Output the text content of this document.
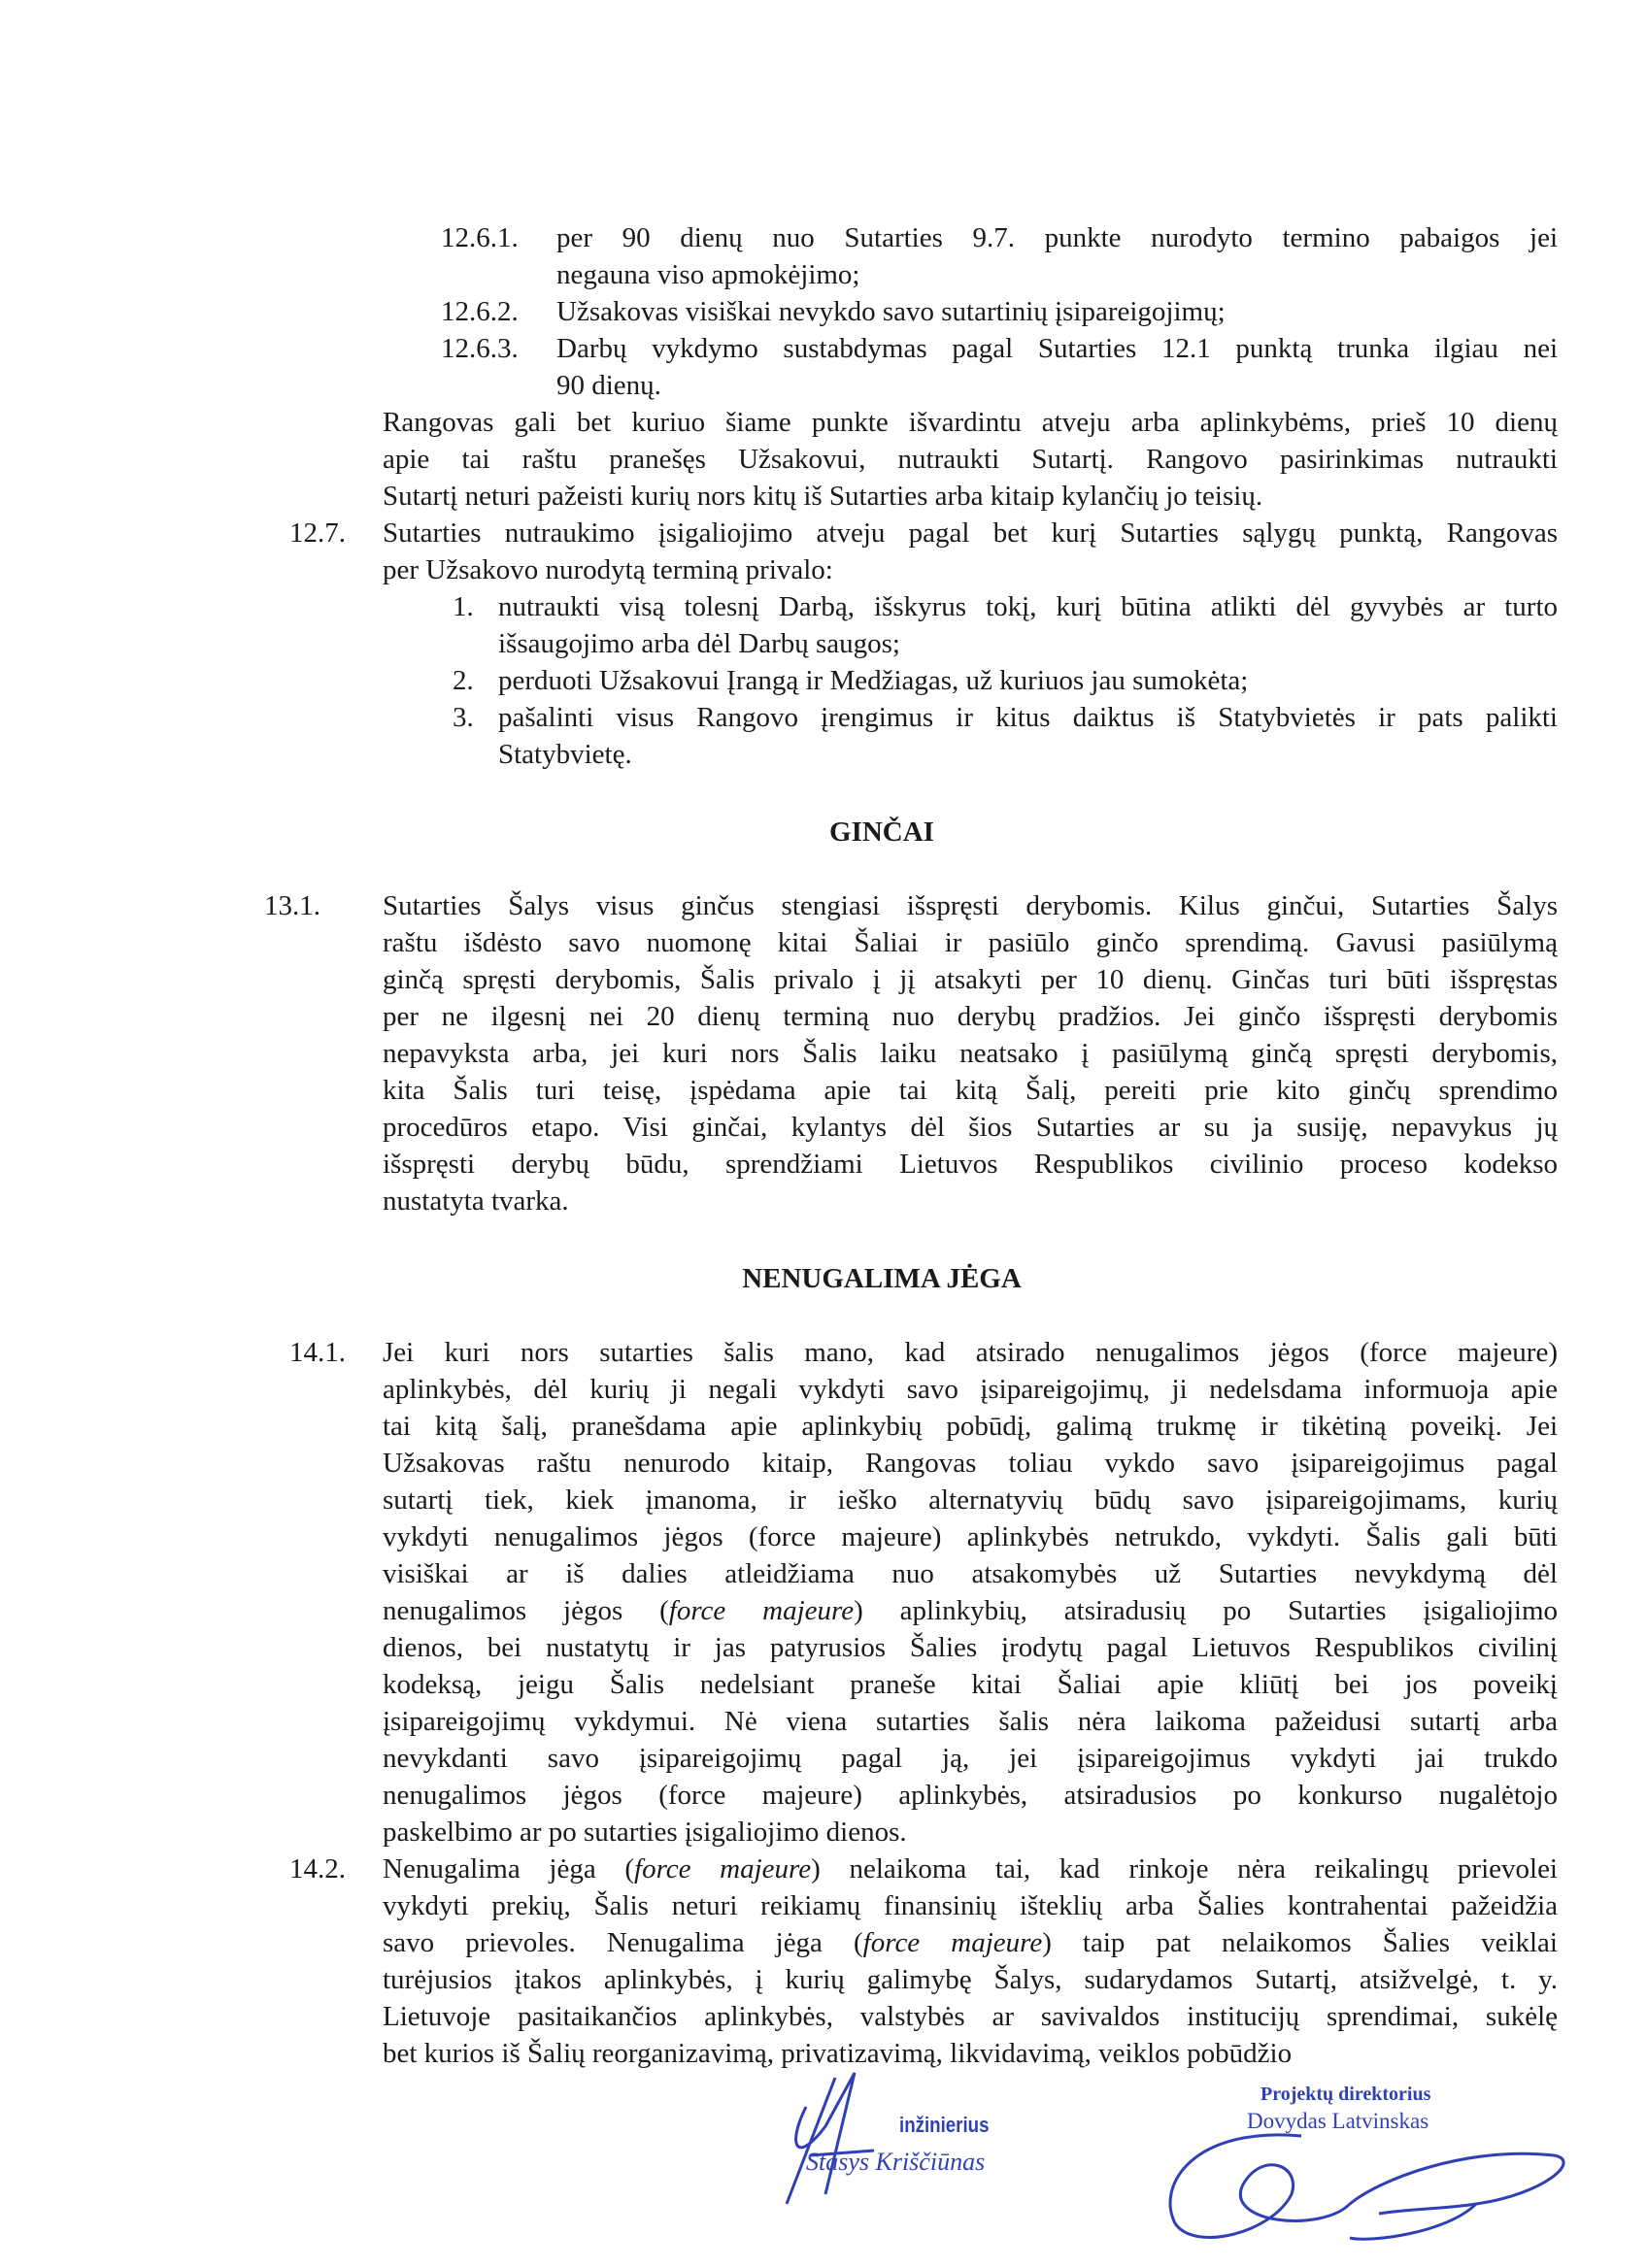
12.6.1. per 90 dienų nuo Sutarties 9.7. punkte nurodyto termino pabaigos jei
negauna viso apmokėjimo;
12.6.2. Užsakovas visiškai nevykdo savo sutartinių įsipareigojimų;
12.6.3. Darbų vykdymo sustabdymas pagal Sutarties 12.1 punktą trunka ilgiau nei
90 dienų.
Rangovas gali bet kuriuo šiame punkte išvardintu atveju arba aplinkybėms, prieš 10 dienų
apie tai raštu pranešęs Užsakovui, nutraukti Sutartį. Rangovo pasirinkimas nutraukti
Sutartį neturi pažeisti kurių nors kitų iš Sutarties arba kitaip kylančių jo teisių.
12.7. Sutarties nutraukimo įsigaliojimo atveju pagal bet kurį Sutarties sąlygų punktą, Rangovas
per Užsakovo nurodytą terminą privalo:
1. nutraukti visą tolesnį Darbą, išskyrus tokį, kurį būtina atlikti dėl gyvybės ar turto
išsaugojimo arba dėl Darbų saugos;
2. perduoti Užsakovui Įrangą ir Medžiagas, už kuriuos jau sumokėta;
3. pašalinti visus Rangovo įrengimus ir kitus daiktus iš Statybvietės ir pats palikti
Statybvietę.
GINČAI
13.1. Sutarties Šalys visus ginčus stengiasi išspręsti derybomis. Kilus ginčui, Sutarties Šalys
raštu išdėsto savo nuomonę kitai Šaliai ir pasiūlo ginčo sprendimą. Gavusi pasiūlymą
ginčą spręsti derybomis, Šalis privalo į jį atsakyti per 10 dienų. Ginčas turi būti išspręstas
per ne ilgesnį nei 20 dienų terminą nuo derybų pradžios. Jei ginčo išspręsti derybomis
nepavyksta arba, jei kuri nors Šalis laiku neatsako į pasiūlymą ginčą spręsti derybomis,
kita Šalis turi teisę, įspėdama apie tai kitą Šalį, pereiti prie kito ginčų sprendimo
procedūros etapo. Visi ginčai, kylantys dėl šios Sutarties ar su ja susiję, nepavykus jų
išspręsti derybų būdu, sprendžiami Lietuvos Respublikos civilinio proceso kodekso
nustatyta tvarka.
NENUGALIMA JĖGA
14.1. Jei kuri nors sutarties šalis mano, kad atsirado nenugalimos jėgos (force majeure)
aplinkybės, dėl kurių ji negali vykdyti savo įsipareigojimų, ji nedelsdama informuoja apie
tai kitą šalį, pranešdama apie aplinkybių pobūdį, galimą trukmę ir tikėtiną poveikį. Jei
Užsakovas raštu nenurodo kitaip, Rangovas toliau vykdo savo įsipareigojimus pagal
sutartį tiek, kiek įmanoma, ir ieško alternatyvių būdų savo įsipareigojimams, kurių
vykdyti nenugalimos jėgos (force majeure) aplinkybės netrukdo, vykdyti. Šalis gali būti
visiškai ar iš dalies atleidžiama nuo atsakomybės už Sutarties nevykdymą dėl
nenugalimos jėgos (force majeure) aplinkybių, atsiradusių po Sutarties įsigaliojimo
dienos, bei nustatytų ir jas patyrusios Šalies įrodytų pagal Lietuvos Respublikos civilinį
kodeksą, jeigu Šalis nedelsiant praneše kitai Šaliai apie kliūtį bei jos poveikį
įsipareigojimų vykdymui. Nė viena sutarties šalis nėra laikoma pažeidusi sutartį arba
nevykdanti savo įsipareigojimų pagal ją, jei įsipareigojimus vykdyti jai trukdo
nenugalimos jėgos (force majeure) aplinkybės, atsiradusios po konkurso nugalėtojo
paskelbimo ar po sutarties įsigaliojimo dienos.
14.2. Nenugalima jėga (force majeure) nelaikoma tai, kad rinkoje nėra reikalingų prievolei
vykdyti prekių, Šalis neturi reikiamų finansinių išteklių arba Šalies kontrahentai pažeidžia
savo prievoles. Nenugalima jėga (force majeure) taip pat nelaikomos Šalies veiklai
turėjusios įtakos aplinkybės, į kurių galimybę Šalys, sudarydamos Sutartį, atsižvelgė, t. y.
Lietuvoje pasitaikančios aplinkybės, valstybės ar savivaldos institucijų sprendimai, sukėlę
bet kurios iš Šalių reorganizavimą, privatizavimą, likvidavimą, veiklos pobūdžio
inžinierius
Stasys Kriščiūnas
Projektų direktorius
Dovydas Latvinskas
